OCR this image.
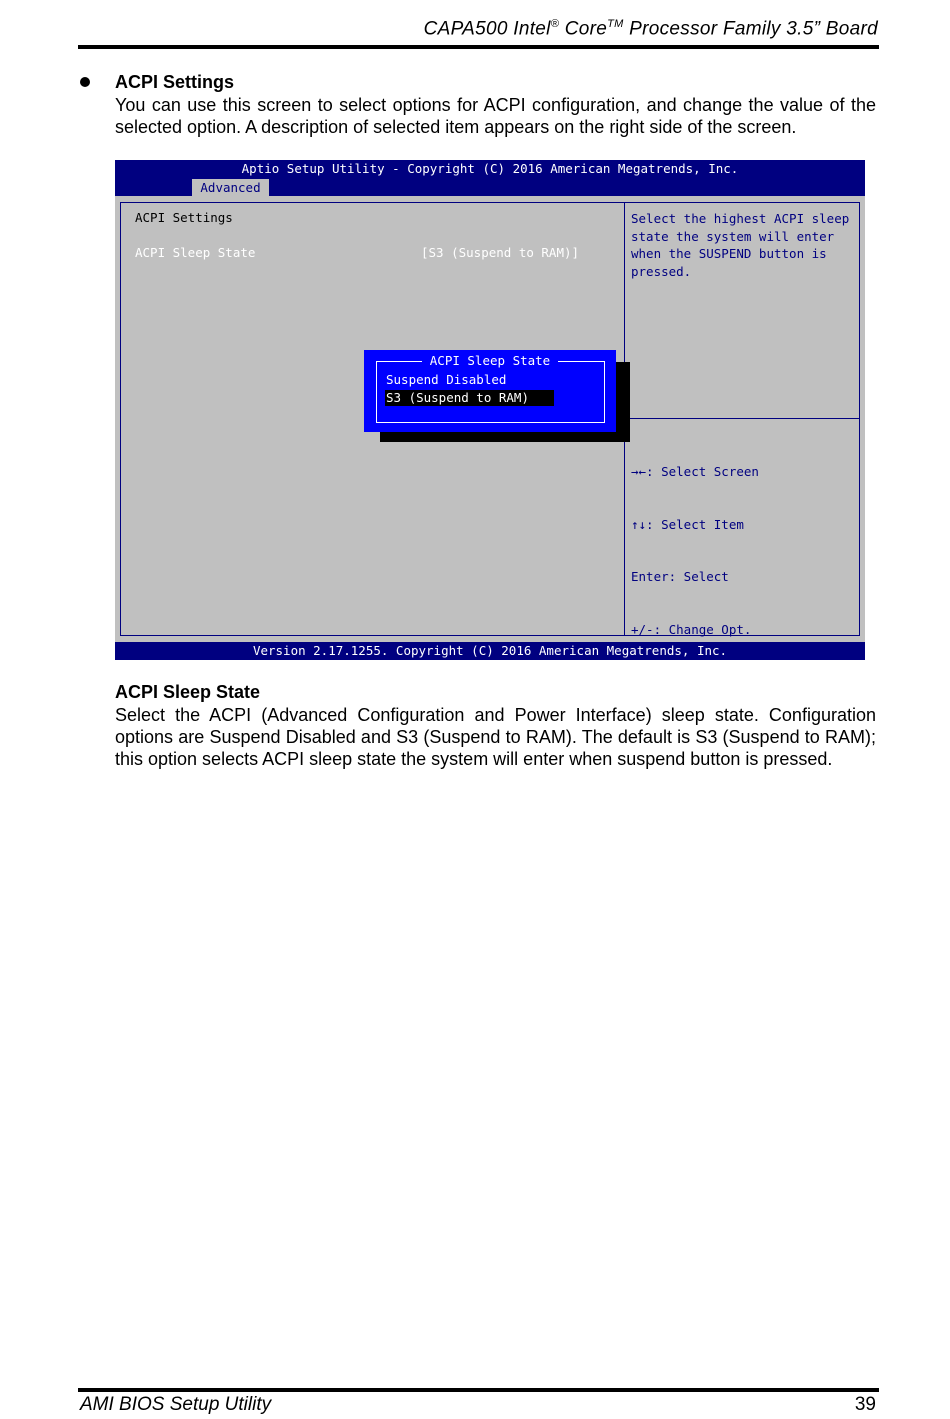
CAPA500 Intel® Core™ Processor Family 3.5” Board
ACPI Settings
You can use this screen to select options for ACPI configuration, and change the value of the selected option. A description of selected item appears on the right side of the screen.
Aptio Setup Utility - Copyright (C) 2016 American Megatrends, Inc.
Advanced
ACPI Settings
ACPI Sleep State	[S3 (Suspend to RAM)]
Select the highest ACPI sleep
state the system will enter
when the SUSPEND button is
pressed.

→←: Select Screen

↑↓: Select Item

Enter: Select

+/-: Change Opt.

ACPI Sleep State
Suspend Disabled
S3 (Suspend to RAM)
Version 2.17.1255. Copyright (C) 2016 American Megatrends, Inc.
ACPI Sleep State
Select the ACPI (Advanced Configuration and Power Interface) sleep state. Configuration options are Suspend Disabled and S3 (Suspend to RAM). The default is S3 (Suspend to RAM); this option selects ACPI sleep state the system will enter when suspend button is pressed.
AMI BIOS Setup Utility	39
